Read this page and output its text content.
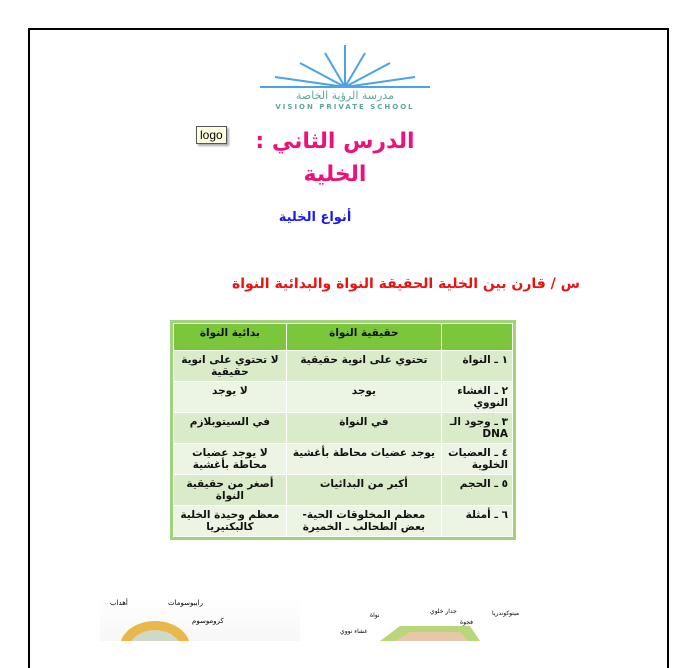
مدرسة الرؤية الخاصة
VISION PRIVATE SCHOOL
الدرس الثاني :
الخلية
logo
أنواع الخلية
س / قارن بين الخلية الحقيقة النواة والبدائية النواة
	حقيقية النواة	بدائية النواة
١ ـ النواة	تحتوي على انوية حقيقية	لا تحتوي على انوية حقيقية
٢ ـ الغشاء النووي	يوجد	لا يوجد
٣ ـ وجود الـ DNA	في النواة	في السيتوبلازم
٤ ـ العضيات الخلوية	يوجد عضيات محاطة بأغشية	لا يوجد عضيات محاطة بأغشية
٥ ـ الحجم	أكبر من البدائيات	أصغر من حقيقية النواة
٦ ـ أمثلة	معظم المخلوقات الحية- بعض الطحالب ـ الخميرة	معظم وحيدة الخلية كالبكتيريا
أهداب	رايبوسومات
كروموسوم
نواة
جدار خلوي
فجوة
ميتوكوندريا
غشاء نووي
